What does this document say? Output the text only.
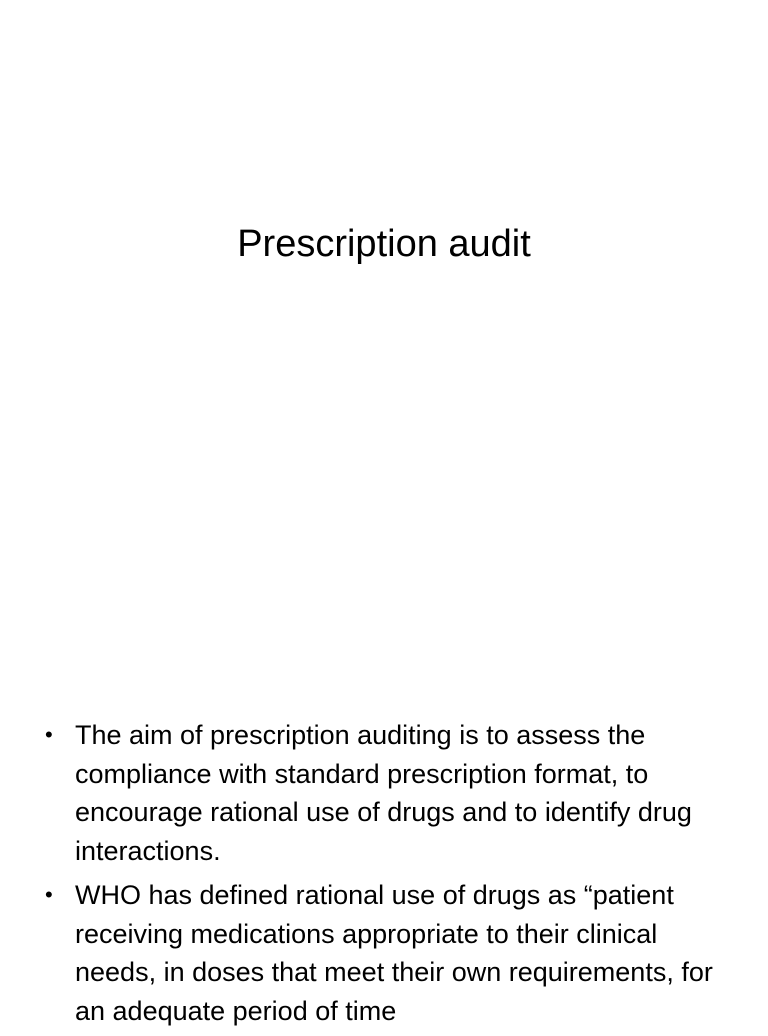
Prescription audit
• The aim of prescription auditing is to assess the compliance with standard prescription format, to encourage rational use of drugs and to identify drug interactions.
• WHO has defined rational use of drugs as “patient receiving medications appropriate to their clinical needs, in doses that meet their own requirements, for an adequate period of time
